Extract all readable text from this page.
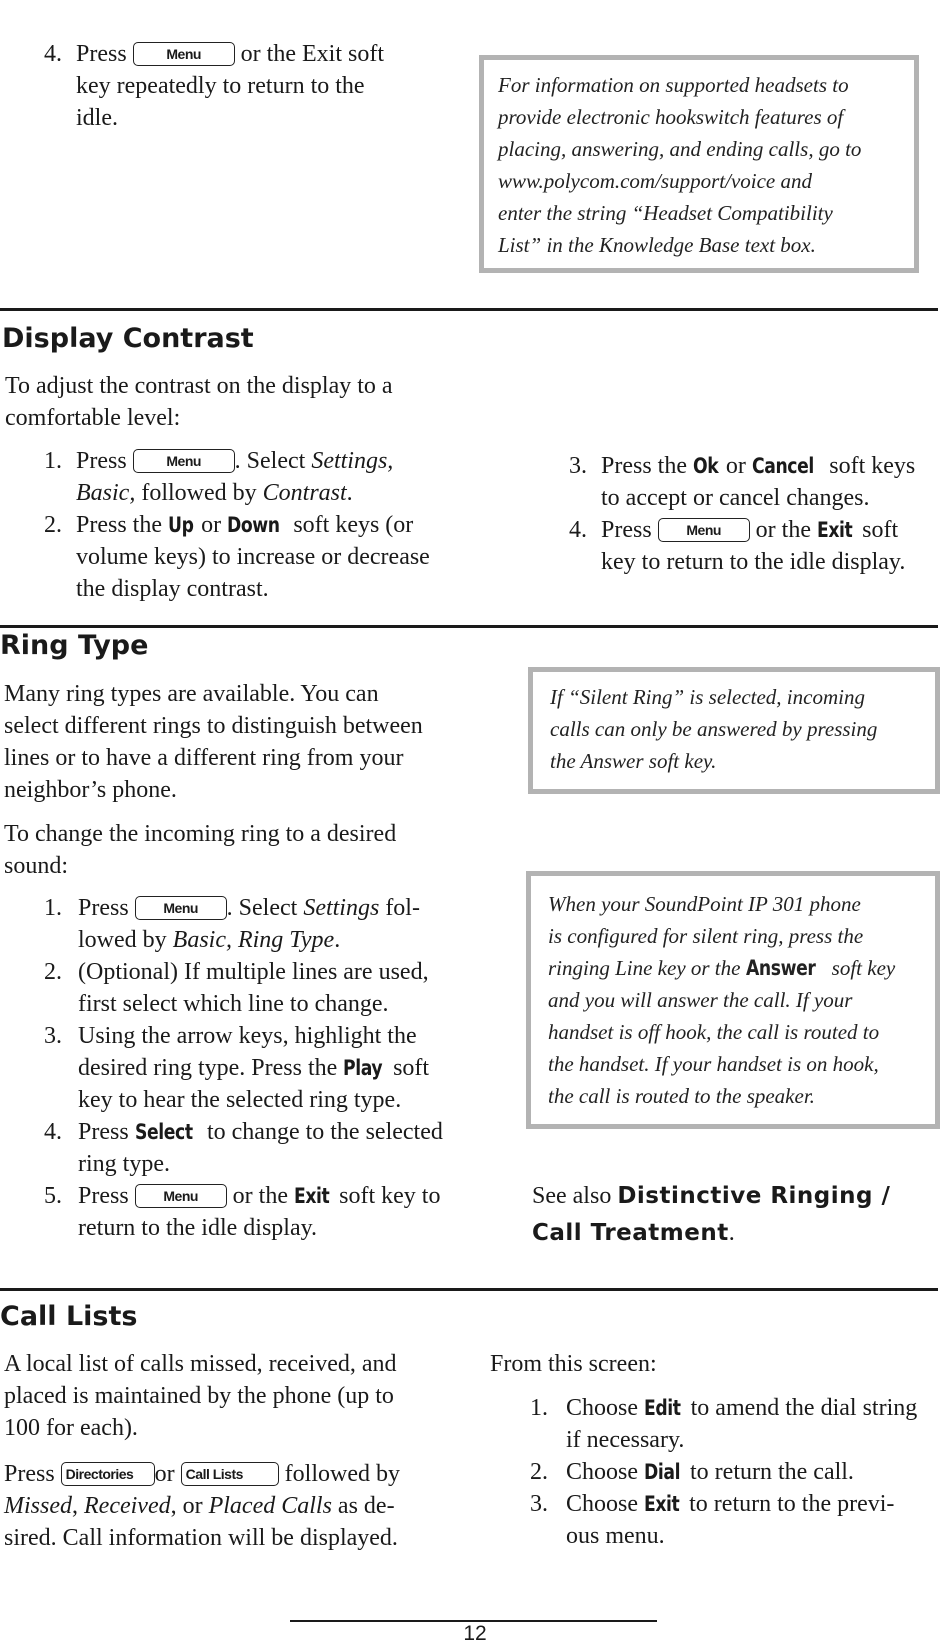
4. Press	Menu or the Exit soft
key repeatedly to return to the
idle.
For information on supported headsets to
provide electronic hookswitch features of
placing, answering, and ending calls, go to
www.polycom.com/support/voice and
enter the string “Headset Compatibility
List” in the Knowledge Base text box.
Display Contrast
To adjust the contrast on the display to a
comfortable level:
1. Press	Menu . Select Settings,
Basic, followed by Contrast.
2. Press the Up or Down soft keys (or
volume keys) to increase or decrease
the display contrast.
3. Press the Ok or Cancel soft keys
to accept or cancel changes.
4. Press Menu or the Exit soft
key to return to the idle display.
Ring Type
Many ring types are available. You can
select different rings to distinguish between
lines or to have a different ring from your
neighbor’s phone.
To change the incoming ring to a desired
sound:
1. Press Menu . Select Settings fol-
lowed by Basic, Ring Type.
2. (Optional) If multiple lines are used,
first select which line to change.
3. Using the arrow keys, highlight the
desired ring type. Press the Play soft
key to hear the selected ring type.
4. Press Select to change to the selected
ring type.
5. Press Menu or the Exit soft key to
return to the idle display.
If “Silent Ring” is selected, incoming
calls can only be answered by pressing
the Answer soft key.
When your SoundPoint IP 301 phone
is configured for silent ring, press the
ringing Line key or the Answer soft key
and you will answer the call. If your
handset is off hook, the call is routed to
the handset. If your handset is on hook,
the call is routed to the speaker.
See also Distinctive Ringing /
Call Treatment.
Call Lists
A local list of calls missed, received, and
placed is maintained by the phone (up to
100 for each).
Press Directories or Call Lists followed by
Missed, Received, or Placed Calls as de-
sired. Call information will be displayed.
From this screen:
1. Choose Edit to amend the dial string
if necessary.
2. Choose Dial to return the call.
3. Choose Exit to return to the previ-
ous menu.
12
